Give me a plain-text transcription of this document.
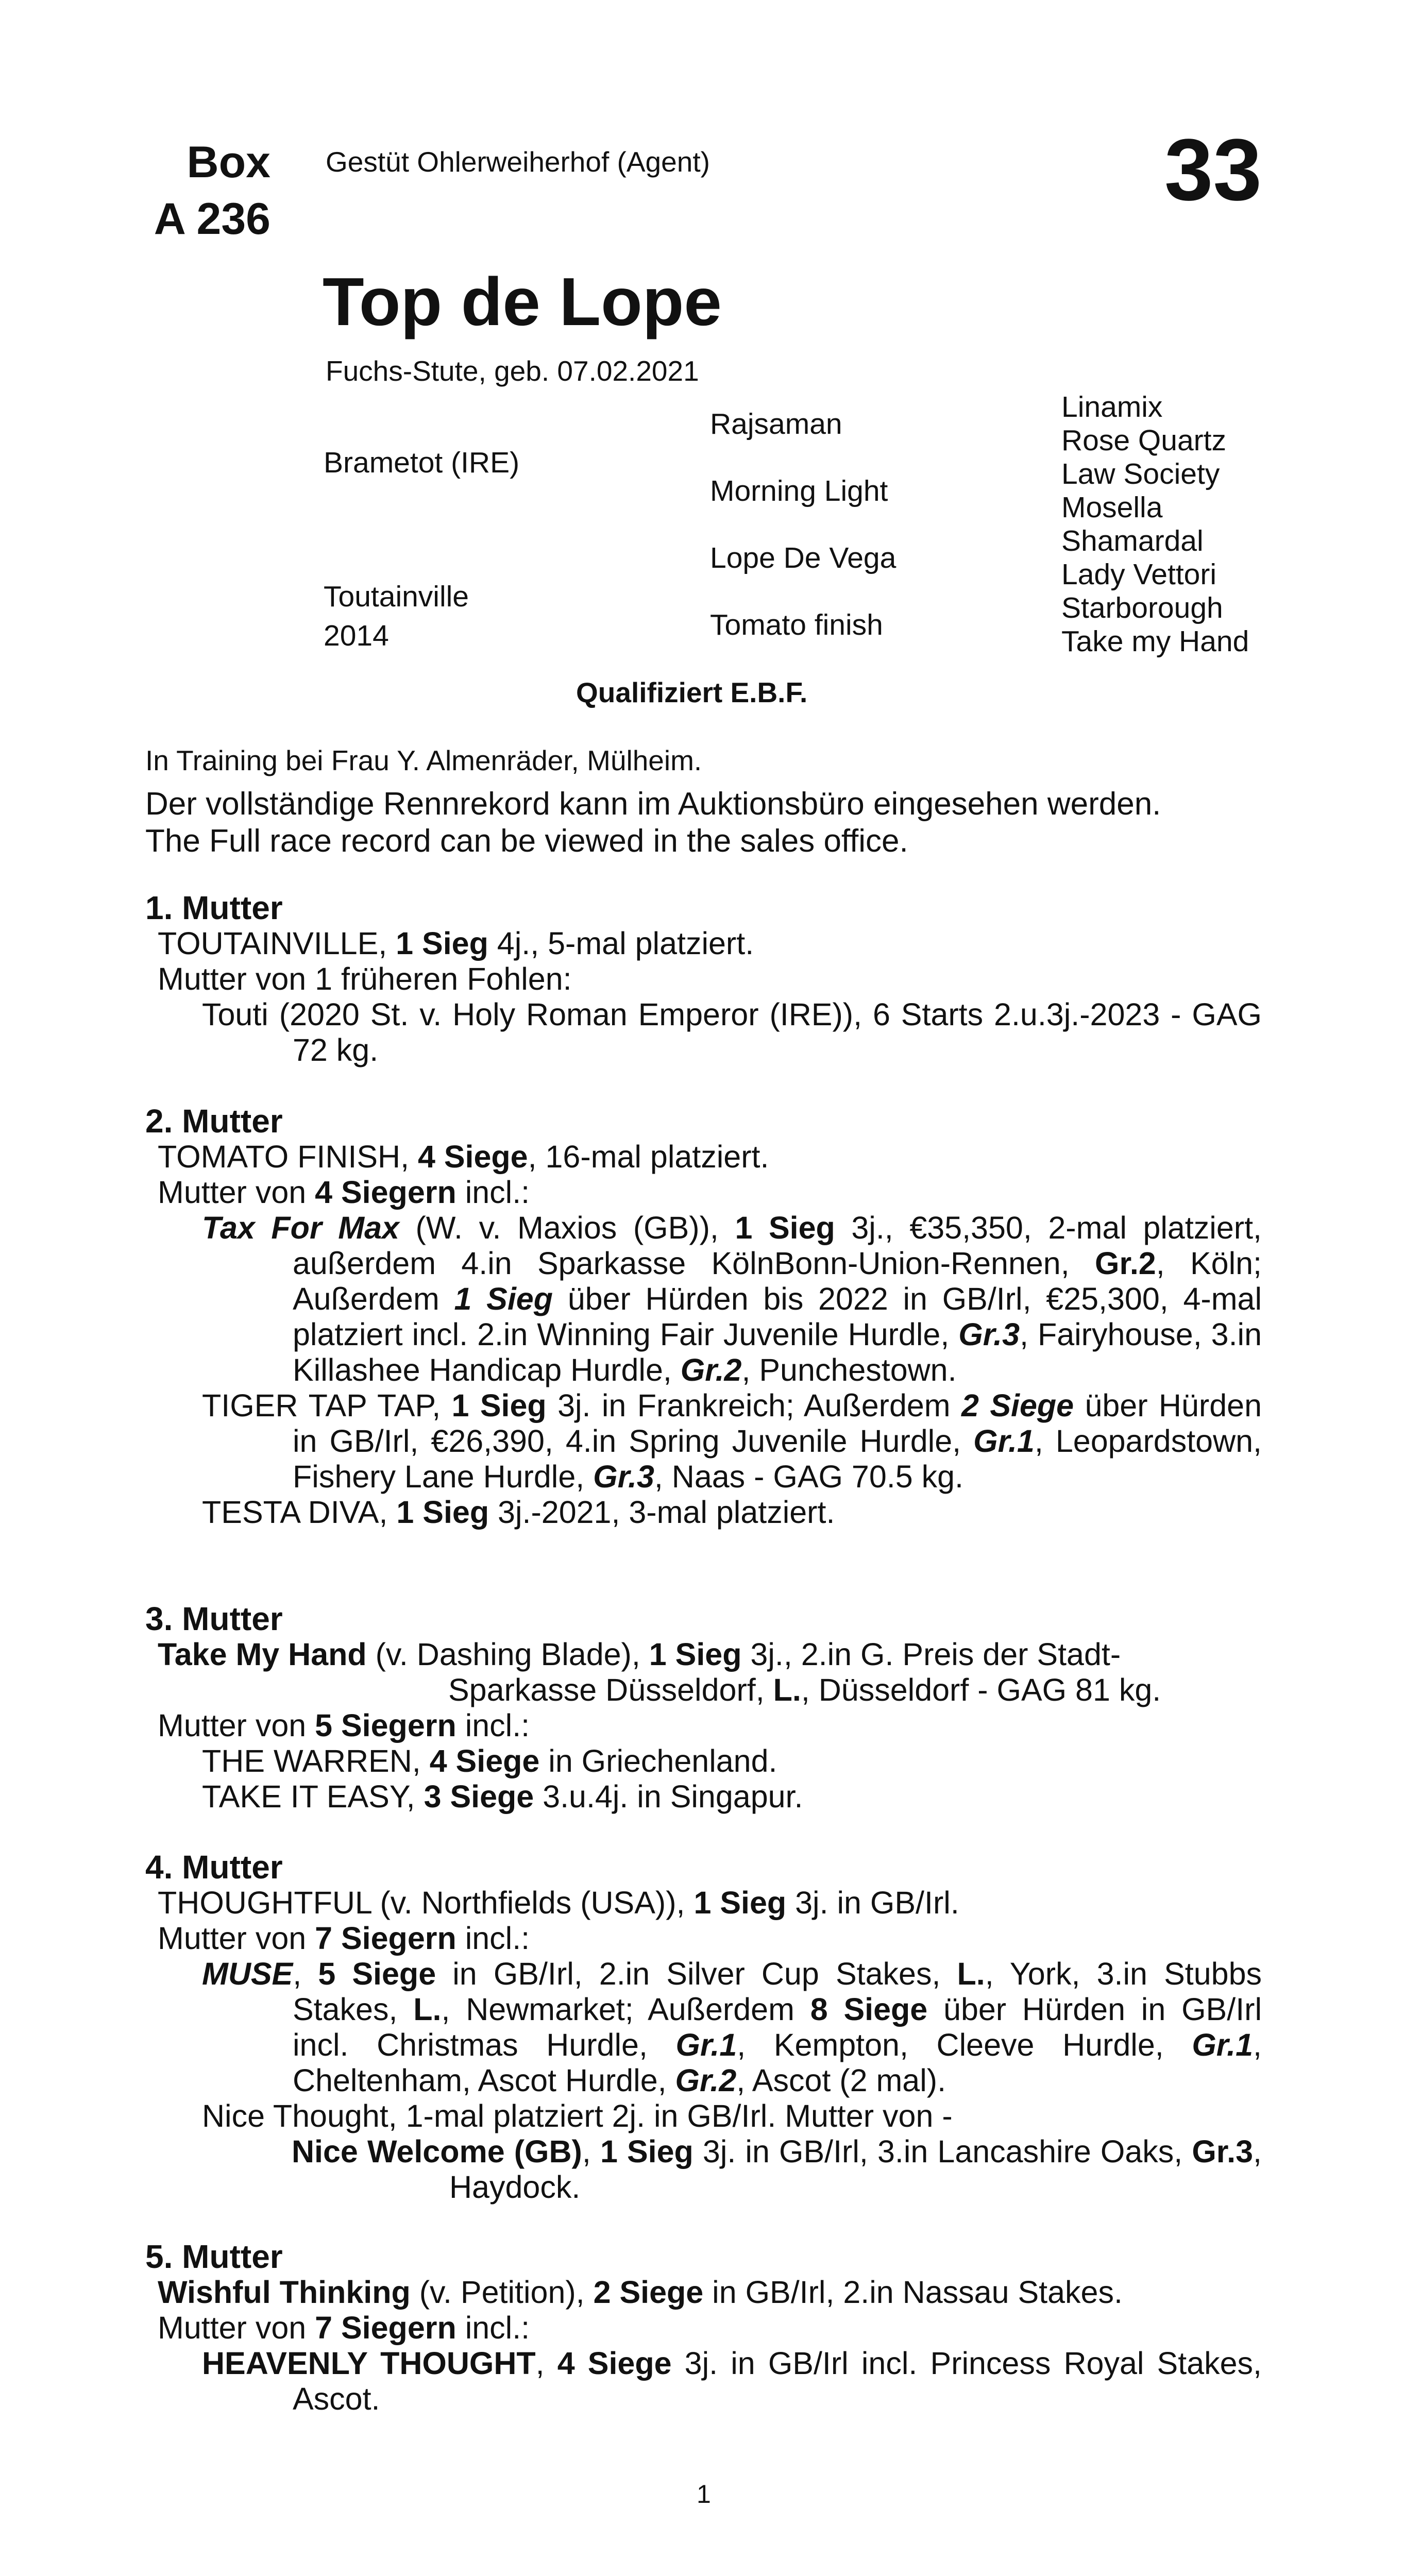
Box
A 236
Gestüt Ohlerweiherhof (Agent)	33
Top de Lope
Fuchs-Stute, geb. 07.02.2021
Brametot (IRE)
Toutainville
2014
Rajsaman
Morning Light
Lope De Vega
Tomato finish
Linamix
Rose Quartz
Law Society
Mosella
Shamardal
Lady Vettori
Starborough
Take my Hand
Qualifiziert E.B.F.
In Training bei Frau Y. Almenräder, Mülheim.
Der vollständige Rennrekord kann im Auktionsbüro eingesehen werden.
The Full race record can be viewed in the sales office.
1. Mutter
TOUTAINVILLE, 1 Sieg 4j., 5-mal platziert.
Mutter von 1 früheren Fohlen:
Touti (2020 St. v. Holy Roman Emperor (IRE)), 6 Starts 2.u.3j.-2023 - GAG 72 kg.
2. Mutter
TOMATO FINISH, 4 Siege, 16-mal platziert.
Mutter von 4 Siegern incl.:
Tax For Max (W. v. Maxios (GB)), 1 Sieg 3j., €35,350, 2-mal platziert, außerdem 4.in Sparkasse KölnBonn-Union-Rennen, Gr.2, Köln; Außerdem 1 Sieg über Hürden bis 2022 in GB/Irl, €25,300, 4-mal platziert incl. 2.in Winning Fair Juvenile Hurdle, Gr.3, Fairyhouse, 3.in Killashee Handicap Hurdle, Gr.2, Punchestown.
TIGER TAP TAP, 1 Sieg 3j. in Frankreich; Außerdem 2 Siege über Hürden in GB/Irl, €26,390, 4.in Spring Juvenile Hurdle, Gr.1, Leopardstown, Fishery Lane Hurdle, Gr.3, Naas - GAG 70.5 kg.
TESTA DIVA, 1 Sieg 3j.-2021, 3-mal platziert.
3. Mutter
Take My Hand (v. Dashing Blade), 1 Sieg 3j., 2.in G. Preis der Stadt-Sparkasse Düsseldorf, L., Düsseldorf - GAG 81 kg.
Mutter von 5 Siegern incl.:
THE WARREN, 4 Siege in Griechenland.
TAKE IT EASY, 3 Siege 3.u.4j. in Singapur.
4. Mutter
THOUGHTFUL (v. Northfields (USA)), 1 Sieg 3j. in GB/Irl.
Mutter von 7 Siegern incl.:
MUSE, 5 Siege in GB/Irl, 2.in Silver Cup Stakes, L., York, 3.in Stubbs Stakes, L., Newmarket; Außerdem 8 Siege über Hürden in GB/Irl incl. Christmas Hurdle, Gr.1, Kempton, Cleeve Hurdle, Gr.1, Cheltenham, Ascot Hurdle, Gr.2, Ascot (2 mal).
Nice Thought, 1-mal platziert 2j. in GB/Irl. Mutter von -
Nice Welcome (GB), 1 Sieg 3j. in GB/Irl, 3.in Lancashire Oaks, Gr.3, Haydock.
5. Mutter
Wishful Thinking (v. Petition), 2 Siege in GB/Irl, 2.in Nassau Stakes.
Mutter von 7 Siegern incl.:
HEAVENLY THOUGHT, 4 Siege 3j. in GB/Irl incl. Princess Royal Stakes, Ascot.
1
